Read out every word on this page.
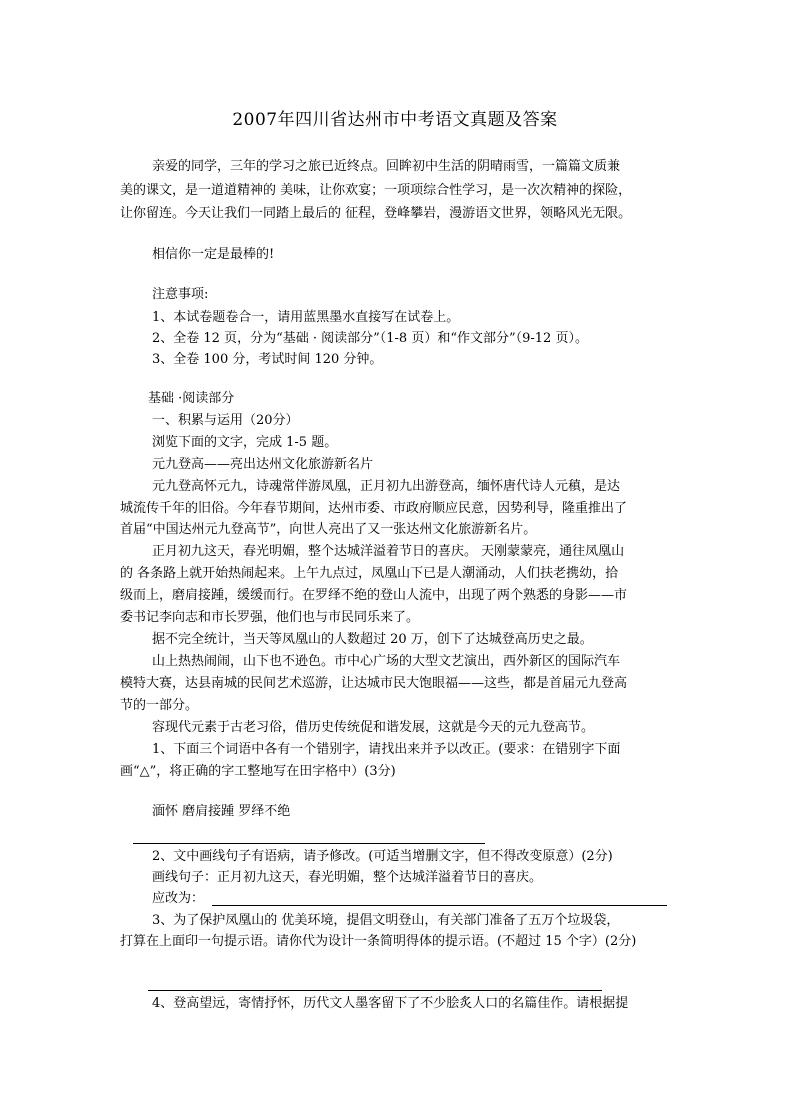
2007年四川省达州市中考语文真题及答案
亲爱的同学，三年的学习之旅已近终点。回眸初中生活的阴晴雨雪，一篇篇文质兼
美的课文，是一道道精神的 美味，让你欢宴；一项项综合性学习，是一次次精神的探险，
让你留连。今天让我们一同踏上最后的 征程，登峰攀岩，漫游语文世界，领略风光无限。
相信你一定是最棒的!
注意事项:
1、本试卷题卷合一，请用蓝黑墨水直接写在试卷上。
2、全卷 12 页，分为“基础 · 阅读部分”（1-8 页）和“作文部分”（9-12 页）。
3、全卷 100 分，考试时间 120 分钟。
基础 ·阅读部分
一、积累与运用（20分）
浏览下面的文字，完成 1-5 题。
元九登高——亮出达州文化旅游新名片
元九登高怀元九，诗魂常伴游凤凰，正月初九出游登高，缅怀唐代诗人元稹，是达
城流传千年的旧俗。今年春节期间，达州市委、市政府顺应民意，因势利导，隆重推出了
首届“中国达州元九登高节”，向世人亮出了又一张达州文化旅游新名片。
正月初九这天，春光明媚，整个达城洋溢着节日的喜庆。 天刚蒙蒙亮，通往凤凰山
的 各条路上就开始热闹起来。上午九点过，凤凰山下已是人潮涌动，人们扶老携幼，拾
级而上，磨肩接踵，缓缓而行。在罗绎不绝的登山人流中，出现了两个熟悉的身影——市
委书记李向志和市长罗强，他们也与市民同乐来了。
据不完全统计，当天等凤凰山的人数超过 20 万，创下了达城登高历史之最。
山上热热闹闹，山下也不逊色。市中心广场的大型文艺演出，西外新区的国际汽车
模特大赛，达县南城的民间艺术巡游，让达城市民大饱眼福——这些，都是首届元九登高
节的一部分。
容现代元素于古老习俗，借历史传统促和谐发展，这就是今天的元九登高节。
1、下面三个词语中各有一个错别字，请找出来并予以改正。(要求：在错别字下面
画“△”，将正确的字工整地写在田字格中）(3分)
湎怀 磨肩接踵 罗绎不绝
2、文中画线句子有语病，请予修改。(可适当增删文字，但不得改变原意）(2分)
画线句子：正月初九这天，春光明媚，整个达城洋溢着节日的喜庆。
应改为：
3、为了保护凤凰山的 优美环境，提倡文明登山，有关部门准备了五万个垃圾袋，
打算在上面印一句提示语。请你代为设计一条简明得体的提示语。(不超过 15 个字）(2分)
4、登高望远，寄情抒怀，历代文人墨客留下了不少脍炙人口的名篇佳作。请根据提
